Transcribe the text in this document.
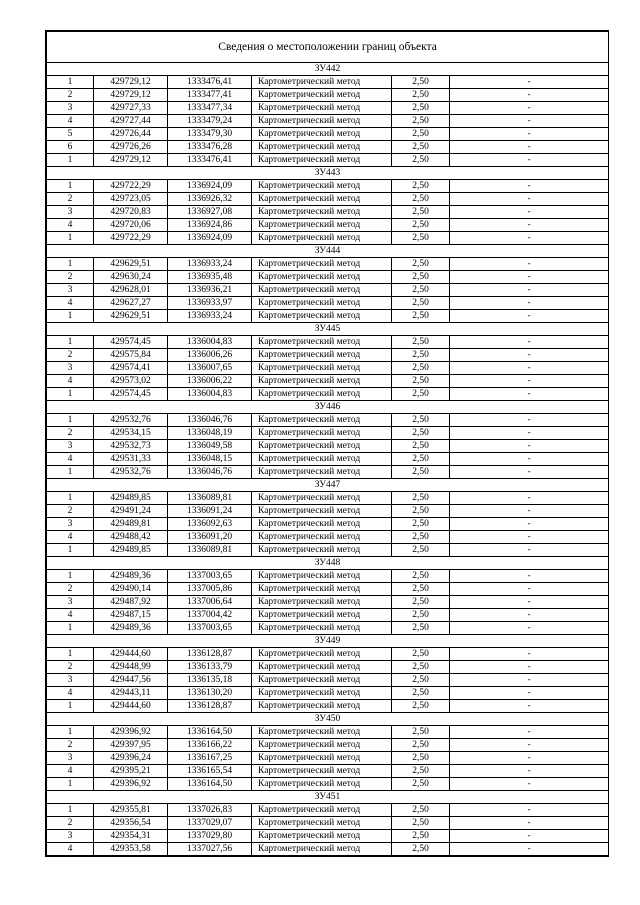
Сведения о местоположении границ объекта					
ЗУ442					
1	429729,12	1333476,41	Картометрический метод	2,50	-
2	429729,12	1333477,41	Картометрический метод	2,50	-
3	429727,33	1333477,34	Картометрический метод	2,50	-
4	429727,44	1333479,24	Картометрический метод	2,50	-
5	429726,44	1333479,30	Картометрический метод	2,50	-
6	429726,26	1333476,28	Картометрический метод	2,50	-
1	429729,12	1333476,41	Картометрический метод	2,50	-
ЗУ443					
1	429722,29	1336924,09	Картометрический метод	2,50	-
2	429723,05	1336926,32	Картометрический метод	2,50	-
3	429720,83	1336927,08	Картометрический метод	2,50	-
4	429720,06	1336924,86	Картометрический метод	2,50	-
1	429722,29	1336924,09	Картометрический метод	2,50	-
ЗУ444					
1	429629,51	1336933,24	Картометрический метод	2,50	-
2	429630,24	1336935,48	Картометрический метод	2,50	-
3	429628,01	1336936,21	Картометрический метод	2,50	-
4	429627,27	1336933,97	Картометрический метод	2,50	-
1	429629,51	1336933,24	Картометрический метод	2,50	-
ЗУ445					
1	429574,45	1336004,83	Картометрический метод	2,50	-
2	429575,84	1336006,26	Картометрический метод	2,50	-
3	429574,41	1336007,65	Картометрический метод	2,50	-
4	429573,02	1336006,22	Картометрический метод	2,50	-
1	429574,45	1336004,83	Картометрический метод	2,50	-
ЗУ446					
1	429532,76	1336046,76	Картометрический метод	2,50	-
2	429534,15	1336048,19	Картометрический метод	2,50	-
3	429532,73	1336049,58	Картометрический метод	2,50	-
4	429531,33	1336048,15	Картометрический метод	2,50	-
1	429532,76	1336046,76	Картометрический метод	2,50	-
ЗУ447					
1	429489,85	1336089,81	Картометрический метод	2,50	-
2	429491,24	1336091,24	Картометрический метод	2,50	-
3	429489,81	1336092,63	Картометрический метод	2,50	-
4	429488,42	1336091,20	Картометрический метод	2,50	-
1	429489,85	1336089,81	Картометрический метод	2,50	-
ЗУ448					
1	429489,36	1337003,65	Картометрический метод	2,50	-
2	429490,14	1337005,86	Картометрический метод	2,50	-
3	429487,92	1337006,64	Картометрический метод	2,50	-
4	429487,15	1337004,42	Картометрический метод	2,50	-
1	429489,36	1337003,65	Картометрический метод	2,50	-
ЗУ449					
1	429444,60	1336128,87	Картометрический метод	2,50	-
2	429448,99	1336133,79	Картометрический метод	2,50	-
3	429447,56	1336135,18	Картометрический метод	2,50	-
4	429443,11	1336130,20	Картометрический метод	2,50	-
1	429444,60	1336128,87	Картометрический метод	2,50	-
ЗУ450					
1	429396,92	1336164,50	Картометрический метод	2,50	-
2	429397,95	1336166,22	Картометрический метод	2,50	-
3	429396,24	1336167,25	Картометрический метод	2,50	-
4	429395,21	1336165,54	Картометрический метод	2,50	-
1	429396,92	1336164,50	Картометрический метод	2,50	-
ЗУ451					
1	429355,81	1337026,83	Картометрический метод	2,50	-
2	429356,54	1337029,07	Картометрический метод	2,50	-
3	429354,31	1337029,80	Картометрический метод	2,50	-
4	429353,58	1337027,56	Картометрический метод	2,50	-
